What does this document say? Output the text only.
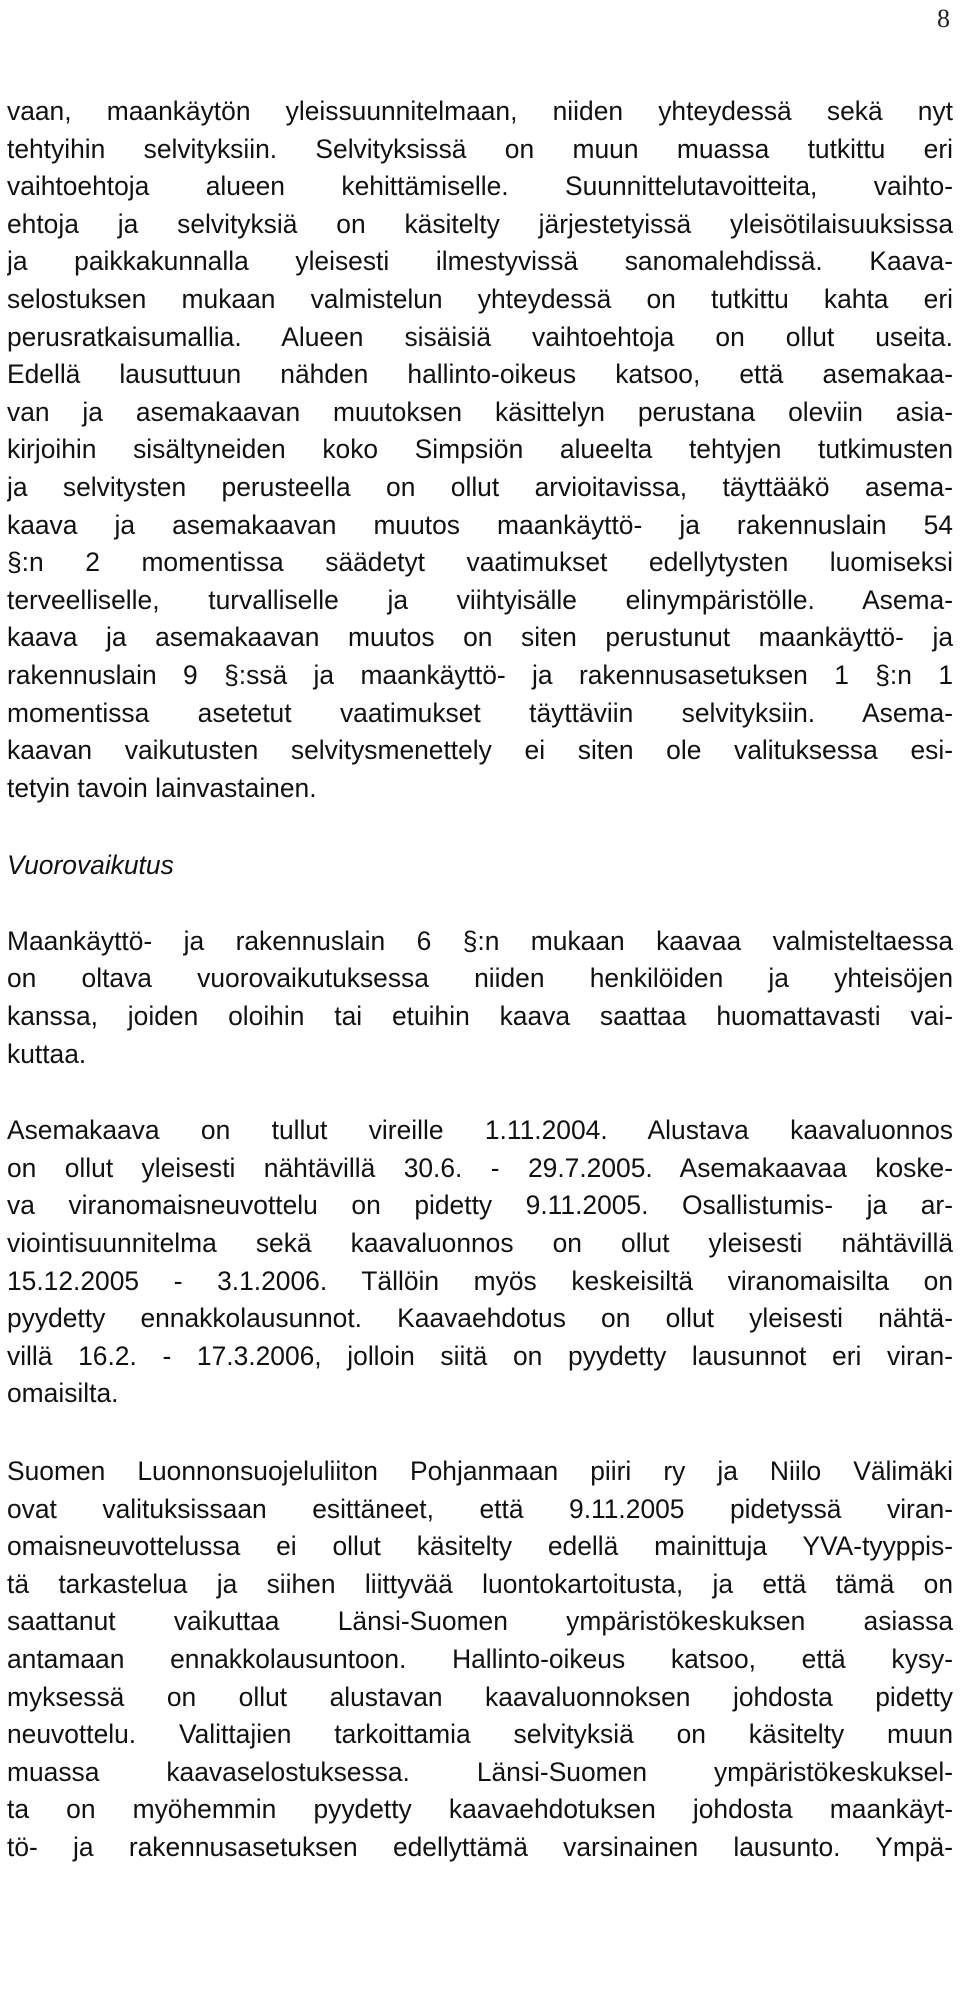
8
vaan, maankäytön yleissuunnitelmaan, niiden yhteydessä sekä nyt
tehtyihin selvityksiin. Selvityksissä on muun muassa tutkittu eri
vaihtoehtoja alueen kehittämiselle. Suunnittelutavoitteita, vaihto-
ehtoja ja selvityksiä on käsitelty järjestetyissä yleisötilaisuuksissa
ja paikkakunnalla yleisesti ilmestyvissä sanomalehdissä. Kaava-
selostuksen mukaan valmistelun yhteydessä on tutkittu kahta eri
perusratkaisumallia. Alueen sisäisiä vaihtoehtoja on ollut useita.
Edellä lausuttuun nähden hallinto-oikeus katsoo, että asemakaa-
van ja asemakaavan muutoksen käsittelyn perustana oleviin asia-
kirjoihin sisältyneiden koko Simpsiön alueelta tehtyjen tutkimusten
ja selvitysten perusteella on ollut arvioitavissa, täyttääkö asema-
kaava ja asemakaavan muutos maankäyttö- ja rakennuslain 54
§:n 2 momentissa säädetyt vaatimukset edellytysten luomiseksi
terveelliselle, turvalliselle ja viihtyisälle elinympäristölle. Asema-
kaava ja asemakaavan muutos on siten perustunut maankäyttö- ja
rakennuslain 9 §:ssä ja maankäyttö- ja rakennusasetuksen 1 §:n 1
momentissa asetetut vaatimukset täyttäviin selvityksiin. Asema-
kaavan vaikutusten selvitysmenettely ei siten ole valituksessa esi-
tetyin tavoin lainvastainen.
Vuorovaikutus
Maankäyttö- ja rakennuslain 6 §:n mukaan kaavaa valmisteltaessa
on oltava vuorovaikutuksessa niiden henkilöiden ja yhteisöjen
kanssa, joiden oloihin tai etuihin kaava saattaa huomattavasti vai-
kuttaa.
Asemakaava on tullut vireille 1.11.2004. Alustava kaavaluonnos
on ollut yleisesti nähtävillä 30.6. - 29.7.2005. Asemakaavaa koske-
va viranomaisneuvottelu on pidetty 9.11.2005. Osallistumis- ja ar-
viointisuunnitelma sekä kaavaluonnos on ollut yleisesti nähtävillä
15.12.2005 - 3.1.2006. Tällöin myös keskeisiltä viranomaisilta on
pyydetty ennakkolausunnot. Kaavaehdotus on ollut yleisesti nähtä-
villä 16.2. - 17.3.2006, jolloin siitä on pyydetty lausunnot eri viran-
omaisilta.
Suomen Luonnonsuojeluliiton Pohjanmaan piiri ry ja Niilo Välimäki
ovat valituksissaan esittäneet, että 9.11.2005 pidetyssä viran-
omaisneuvottelussa ei ollut käsitelty edellä mainittuja YVA-tyyppis-
tä tarkastelua ja siihen liittyvää luontokartoitusta, ja että tämä on
saattanut vaikuttaa Länsi-Suomen ympäristökeskuksen asiassa
antamaan ennakkolausuntoon. Hallinto-oikeus katsoo, että kysy-
myksessä on ollut alustavan kaavaluonnoksen johdosta pidetty
neuvottelu. Valittajien tarkoittamia selvityksiä on käsitelty muun
muassa kaavaselostuksessa. Länsi-Suomen ympäristökeskuksel-
ta on myöhemmin pyydetty kaavaehdotuksen johdosta maankäyt-
tö- ja rakennusasetuksen edellyttämä varsinainen lausunto. Ympä-
